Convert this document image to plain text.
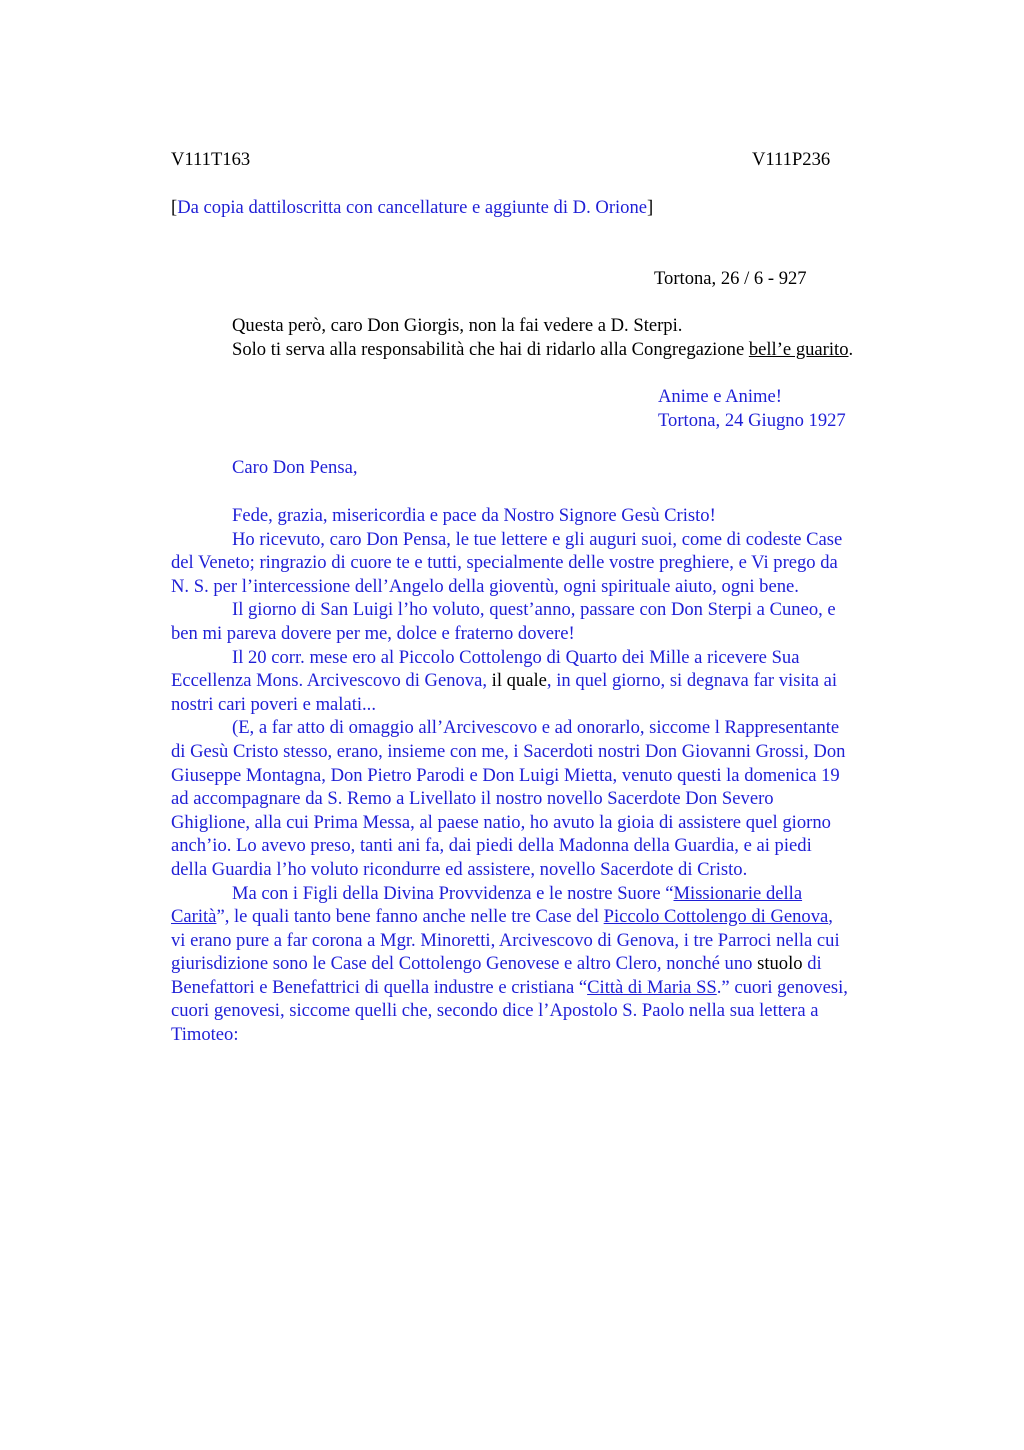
V111T163	V111P236
[Da copia dattiloscritta con cancellature e aggiunte di D. Orione]
Tortona, 26 / 6 - 927
Questa però, caro Don Giorgis, non la fai vedere a D. Sterpi.
Solo ti serva alla responsabilità che hai di ridarlo alla Congregazione bell’e guarito.
Anime e Anime!
Tortona, 24 Giugno 1927
Caro Don Pensa,

Fede, grazia, misericordia e pace da Nostro Signore Gesù Cristo!

Ho ricevuto, caro Don Pensa, le tue lettere e gli auguri suoi, come di codeste Case

del Veneto; ringrazio di cuore te e tutti, specialmente delle vostre preghiere, e Vi prego da

N. S. per l’intercessione dell’Angelo della gioventù, ogni spirituale aiuto, ogni bene.

Il giorno di San Luigi l’ho voluto, quest’anno, passare con Don Sterpi a Cuneo, e

ben mi pareva dovere per me, dolce e fraterno dovere!

Il 20 corr. mese ero al Piccolo Cottolengo di Quarto dei Mille a ricevere Sua

Eccellenza Mons. Arcivescovo di Genova, il quale, in quel giorno, si degnava far visita ai

nostri cari poveri e malati...

(E, a far atto di omaggio all’Arcivescovo e ad onorarlo, siccome l Rappresentante

di Gesù Cristo stesso, erano, insieme con me, i Sacerdoti nostri Don Giovanni Grossi, Don

Giuseppe Montagna, Don Pietro Parodi e Don Luigi Mietta, venuto questi la domenica 19

ad accompagnare da S. Remo a Livellato il nostro novello Sacerdote Don Severo

Ghiglione, alla cui Prima Messa, al paese natio, ho avuto la gioia di assistere quel giorno

anch’io. Lo avevo preso, tanti ani fa, dai piedi della Madonna della Guardia, e ai piedi

della Guardia l’ho voluto ricondurre ed assistere, novello Sacerdote di Cristo.

Ma con i Figli della Divina Provvidenza e le nostre Suore “Missionarie della

Carità”, le quali tanto bene fanno anche nelle tre Case del Piccolo Cottolengo di Genova,

vi erano pure a far corona a Mgr. Minoretti, Arcivescovo di Genova, i tre Parroci nella cui

giurisdizione sono le Case del Cottolengo Genovese e altro Clero, nonché uno stuolo di

Benefattori e Benefattrici di quella industre e cristiana “Città di Maria SS.” cuori genovesi,

cuori genovesi, siccome quelli che, secondo dice l’Apostolo S. Paolo nella sua lettera a

Timoteo:
